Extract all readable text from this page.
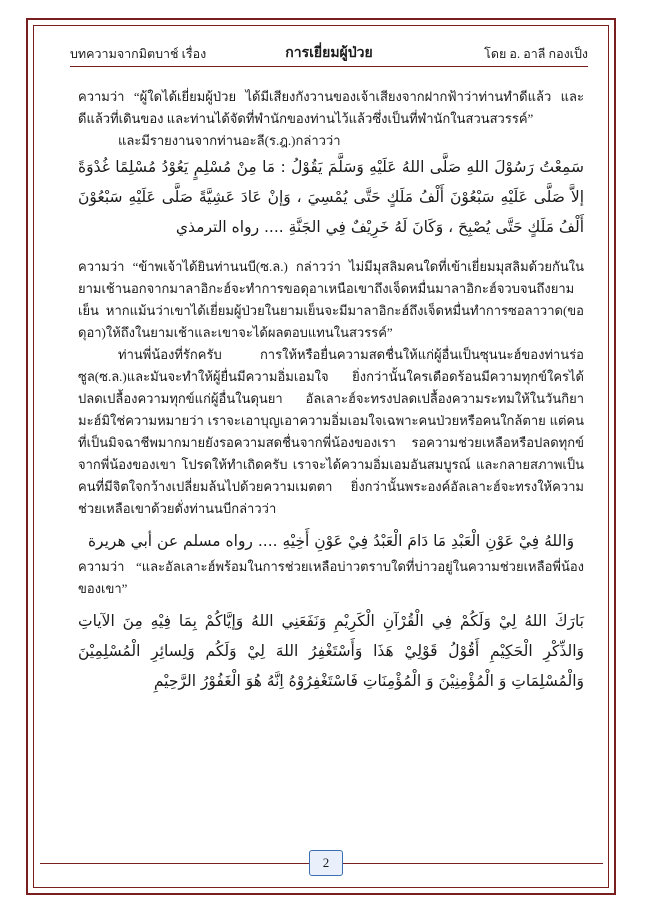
บทความจากมิตบาช์ เรื่อง	การเยี่ยมผู้ป่วย	โดย อ. อาลี กองเป็ง

ความว่า “ผู้ใดได้เยี่ยมผู้ป่วย ได้มีเสียงกังวานของเจ้าเสียงจากฝากฟ้าว่าท่านทำดีแล้ว และดีแล้วที่เดินของ และท่านได้จัดที่พำนักของท่านไว้แล้วซึ่งเป็นที่พำนักในสวนสวรรค์”

และมีรายงานจากท่านอะลี(ร.ฎ.)กล่าวว่า

سَمِعْتُ رَسُوْلَ اللهِ صَلَّى اللهُ عَلَيْهِ وَسَلَّمَ يَقُوْلُ : مَا مِنْ مُسْلِمٍ يَعُوْدُ مُسْلِمًا غُدْوَةً إلاَّ صَلَّى عَلَيْهِ سَبْعُوْنَ أَلْفُ مَلَكٍ حَتَّى يُمْسِيَ ، وَإنْ عَادَ عَشِيَّةً صَلَّى عَلَيْهِ سَبْعُوْنَ أَلْفُ مَلَكٍ حَتَّى يُصْبِحَ ، وَكَانَ لَهُ خَرِيْفٌ فِي الجَنَّةِ .... رواه الترمذي

ความว่า “ข้าพเจ้าได้ยินท่านนบี(ซ.ล.) กล่าวว่า ไม่มีมุสลิมคนใดที่เข้าเยี่ยมมุสลิมด้วยกันในยามเช้านอกจากมาลาอิกะฮ์จะทำการขอดุอาเหนือเขาถึงเจ็ดหมื่นมาลาอิกะฮ์จวบจนถึงยามเย็น หากแม้นว่าเขาได้เยี่ยมผู้ป่วยในยามเย็นจะมีมาลาอิกะฮ์ถึงเจ็ดหมื่นทำการซอลาวาด(ขอดุอา)ให้ถึงในยามเช้าและเขาจะได้ผลตอบแทนในสวรรค์”

ท่านพี่น้องที่รักครับ การให้หรือยื่นความสดชื่นให้แก่ผู้อื่นเป็นซุนนะฮ์ของท่านร่อซูล(ซ.ล.)และมันจะทำให้ผู้ยื่นมีความอิ่มเอมใจ ยิ่งกว่านั้นใครเดือดร้อนมีความทุกข์ใครได้ปลดเปลื้องความทุกข์แก่ผู้อื่นในดุนยา อัลเลาะฮ์จะทรงปลดเปลื้องความระทมให้ในวันกิยามะฮ์มิใช่ความหมายว่า เราจะเอาบุญเอาความอิ่มเอมใจเฉพาะคนป่วยหรือคนใกล้ตาย แต่คนที่เป็นมิจฉาชีพมากมายยังรอความสดชื่นจากพี่น้องของเรา รอความช่วยเหลือหรือปลดทุกข์จากพี่น้องของเขา โปรดให้ทำเถิดครับ เราจะได้ความอิ่มเอมอันสมบูรณ์ และกลายสภาพเป็นคนที่มีจิตใจกว้างเปลี่ยมล้นไปด้วยความเมตตา ยิ่งกว่านั้นพระองค์อัลเลาะฮ์จะทรงให้ความช่วยเหลือเขาด้วยดั่งท่านนบีกล่าวว่า

وَاللهُ فِيْ عَوْنِ الْعَبْدِ مَا دَامَ الْعَبْدُ فِيْ عَوْنِ أَخِيْهِ .... رواه مسلم عن أبي هريرة

ความว่า “และอัลเลาะฮ์พร้อมในการช่วยเหลือบ่าวตราบใดที่บ่าวอยู่ในความช่วยเหลือพี่น้องของเขา”

بَارَكَ اللهُ لِيْ وَلَكُمْ فِي الْقُرْآنِ الْكَرِيْمِ وَنَفَعَنِي اللهُ وَإيَّاكُمْ بِمَا فِيْهِ مِنَ الآياتِ وَالذِّكْرِ الْحَكِيْمِ أَقُوْلُ قَوْلِيْ هَذَا وَأَسْتَغْفِرُ اللهَ لِيْ وَلَكُم وَلِسائِرِ الْمُسْلِمِيْنَ وَالْمُسْلِمَاتِ وَ الْمُؤْمِنِيْنَ وَ الْمُؤْمِنَاتِ فَاسْتَغْفِرُوْهُ اِنَّهُ هُوَ الْغَفُوْرُ الرَّحِيْمِ

2
